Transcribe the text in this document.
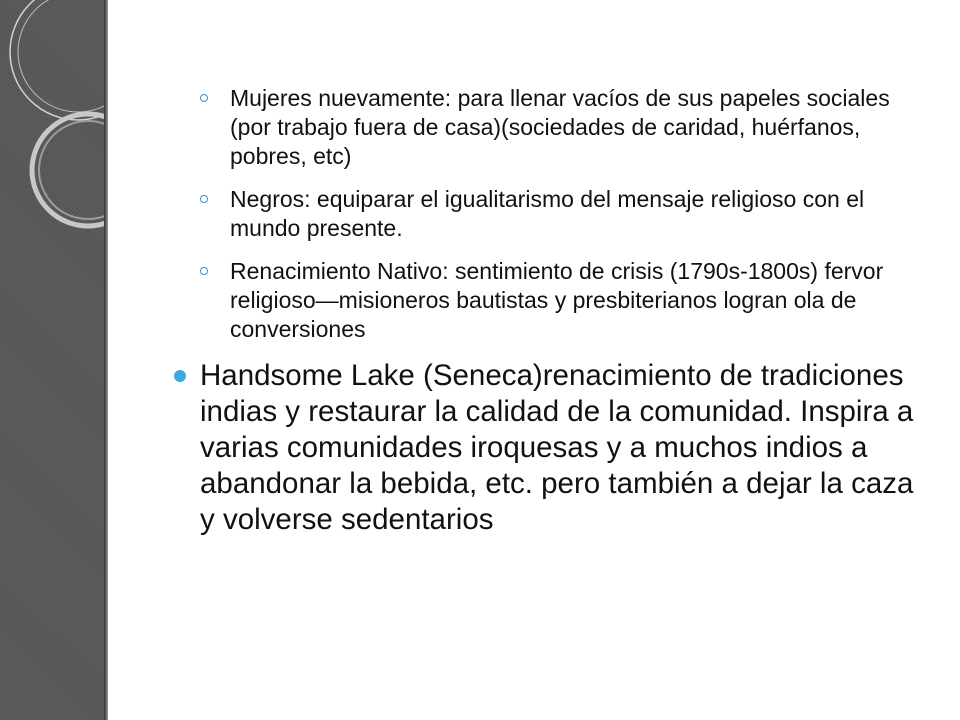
Mujeres nuevamente: para llenar vacíos de sus papeles sociales (por trabajo fuera de casa)(sociedades de caridad, huérfanos, pobres, etc)
Negros: equiparar el igualitarismo del mensaje religioso con el mundo presente.
Renacimiento Nativo: sentimiento de crisis (1790s-1800s) fervor religioso—misioneros bautistas y presbiterianos logran ola de conversiones
Handsome Lake (Seneca)renacimiento de tradiciones indias y restaurar la calidad de la comunidad. Inspira a varias comunidades iroquesas y a muchos indios a abandonar la bebida, etc. pero también a dejar la caza y volverse sedentarios
